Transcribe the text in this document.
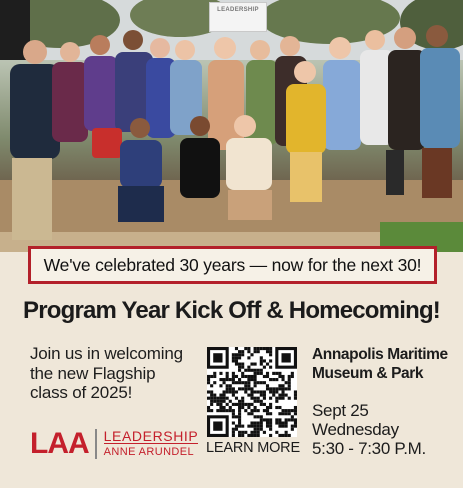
LEADERSHIP
We've celebrated 30 years — now for the next 30!
Program Year Kick Off & Homecoming!
Join us in welcoming
the new Flagship
class of 2025!
LAA LEADERSHIP
ANNE ARUNDEL LEARN MORE
Annapolis Maritime
Museum & Park
Sept 25
Wednesday
5:30 - 7:30 P.M.
